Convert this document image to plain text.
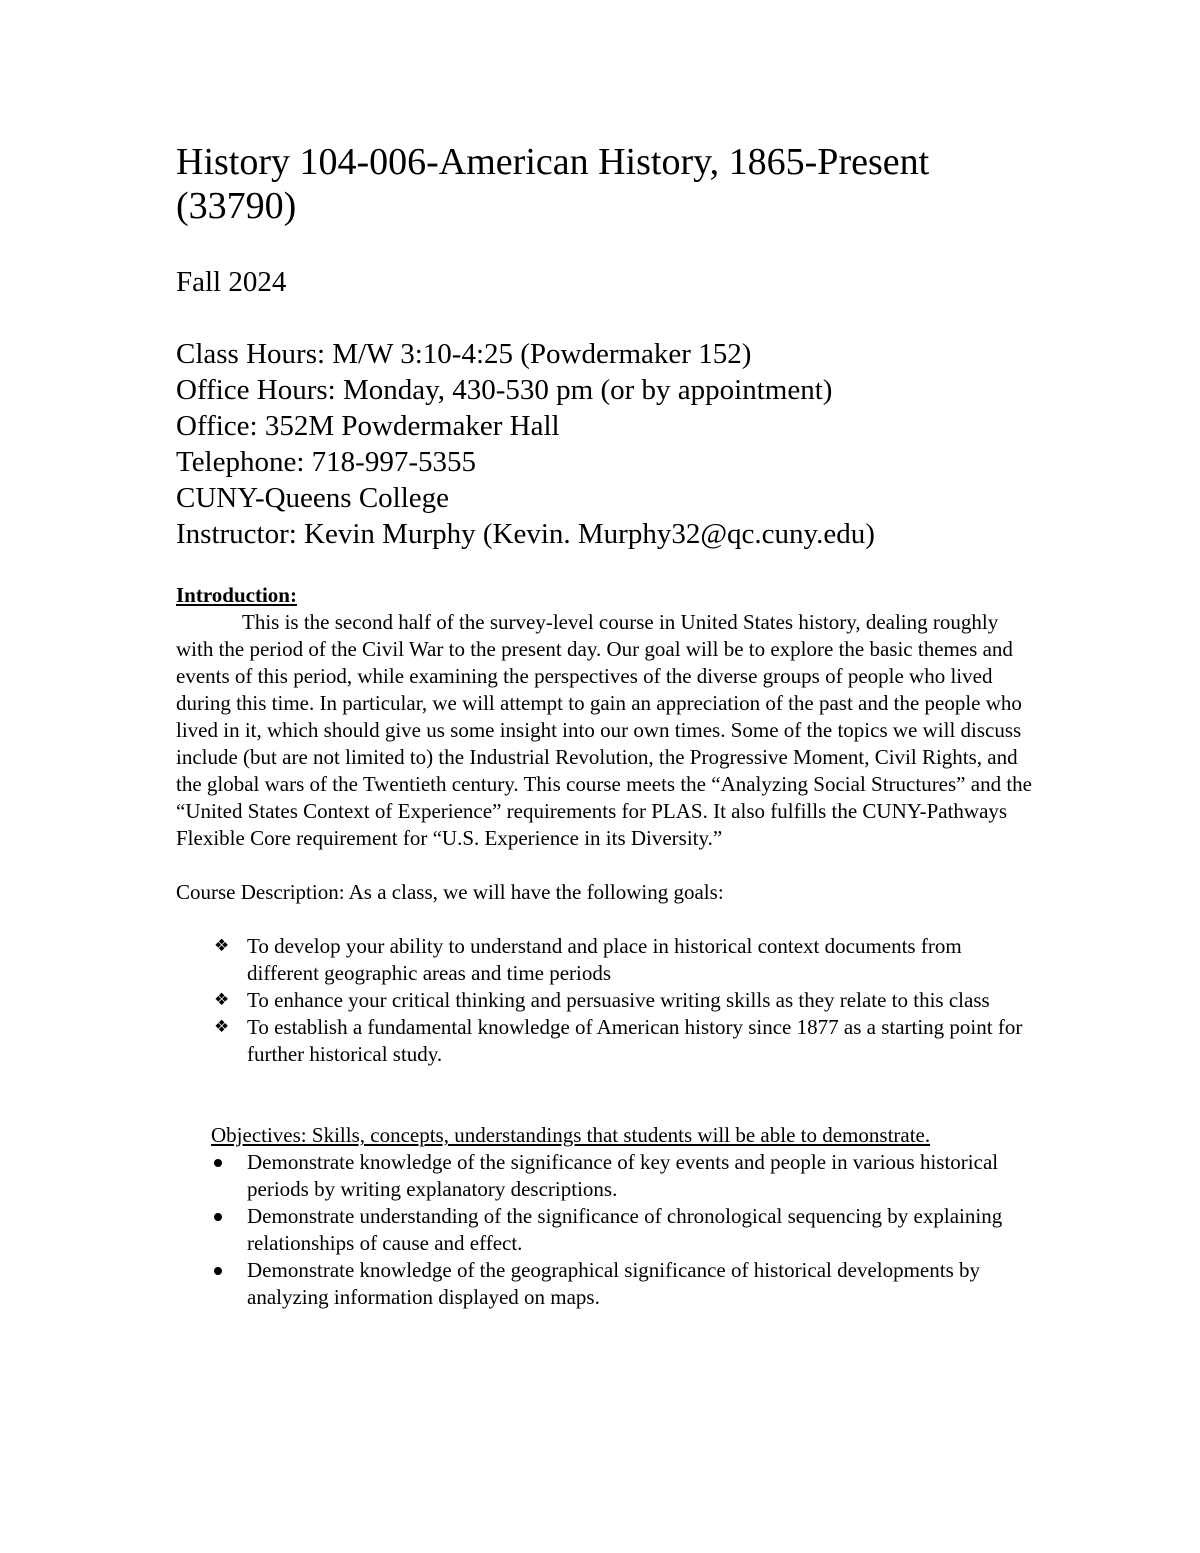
History 104-006-American History, 1865-Present (33790)
Fall 2024
Class Hours: M/W 3:10-4:25 (Powdermaker 152)
Office Hours: Monday, 430-530 pm (or by appointment)
Office: 352M Powdermaker Hall
Telephone: 718-997-5355
CUNY-Queens College
Instructor: Kevin Murphy (Kevin. Murphy32@qc.cuny.edu)
Introduction:

This is the second half of the survey-level course in United States history, dealing roughly with the period of the Civil War to the present day. Our goal will be to explore the basic themes and events of this period, while examining the perspectives of the diverse groups of people who lived during this time. In particular, we will attempt to gain an appreciation of the past and the people who lived in it, which should give us some insight into our own times. Some of the topics we will discuss include (but are not limited to) the Industrial Revolution, the Progressive Moment, Civil Rights, and the global wars of the Twentieth century. This course meets the “Analyzing Social Structures” and the “United States Context of Experience” requirements for PLAS. It also fulfills the CUNY-Pathways Flexible Core requirement for “U.S. Experience in its Diversity.”

Course Description: As a class, we will have the following goals:
❖ To develop your ability to understand and place in historical context documents from different geographic areas and time periods
❖ To enhance your critical thinking and persuasive writing skills as they relate to this class
❖ To establish a fundamental knowledge of American history since 1877 as a starting point for further historical study.
Objectives: Skills, concepts, understandings that students will be able to demonstrate.
Demonstrate knowledge of the significance of key events and people in various historical periods by writing explanatory descriptions.
Demonstrate understanding of the significance of chronological sequencing by explaining relationships of cause and effect.
Demonstrate knowledge of the geographical significance of historical developments by analyzing information displayed on maps.
